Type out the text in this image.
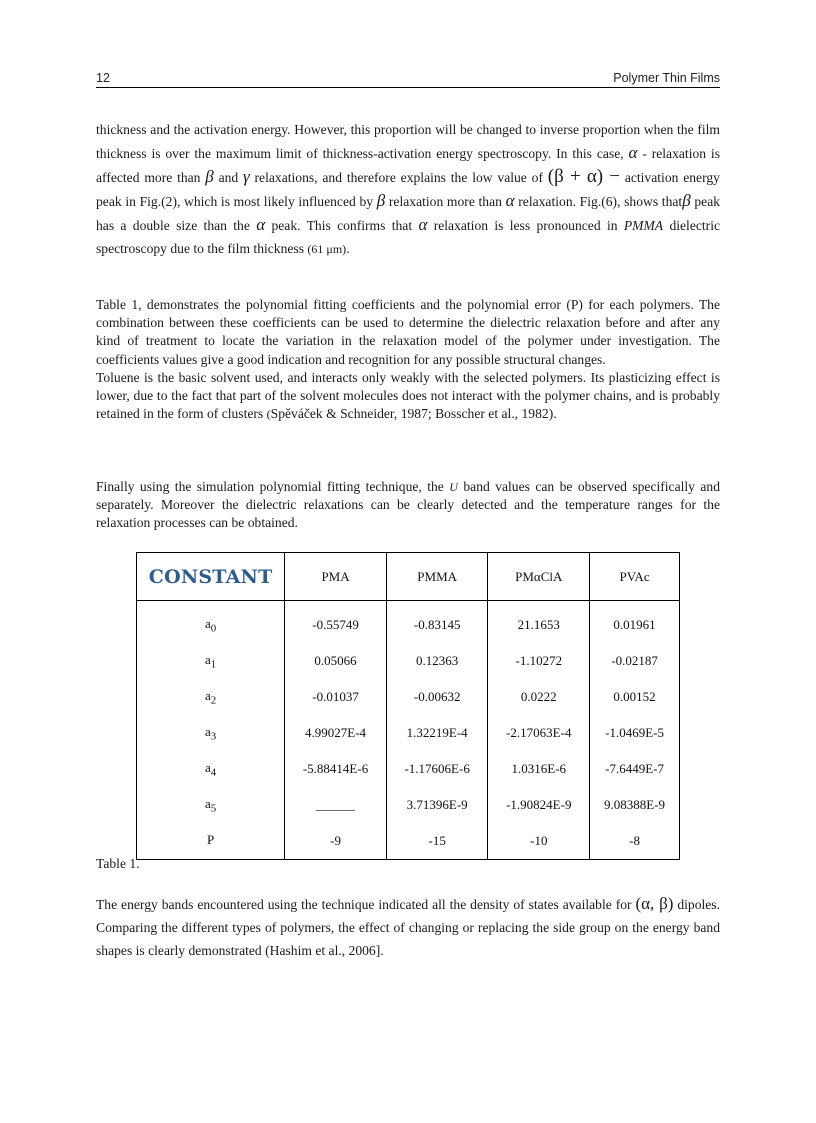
12	Polymer Thin Films

thickness and the activation energy. However, this proportion will be changed to inverse proportion when the film thickness is over the maximum limit of thickness-activation energy spectroscopy. In this case, α - relaxation is affected more than β and γ relaxations, and therefore explains the low value of (β + α) − activation energy peak in Fig.(2), which is most likely influenced by β relaxation more than α relaxation. Fig.(6), shows thatβ peak has a double size than the α peak. This confirms that α relaxation is less pronounced in PMMA dielectric spectroscopy due to the film thickness (61 μm).

Table 1, demonstrates the polynomial fitting coefficients and the polynomial error (P) for each polymers. The combination between these coefficients can be used to determine the dielectric relaxation before and after any kind of treatment to locate the variation in the relaxation model of the polymer under investigation. The coefficients values give a good indication and recognition for any possible structural changes.

Toluene is the basic solvent used, and interacts only weakly with the selected polymers. Its plasticizing effect is lower, due to the fact that part of the solvent molecules does not interact with the polymer chains, and is probably retained in the form of clusters (Spěváček & Schneider, 1987; Bosscher et al., 1982).

Finally using the simulation polynomial fitting technique, the U band values can be observed specifically and separately. Moreover the dielectric relaxations can be clearly detected and the temperature ranges for the relaxation processes can be obtained.

CONSTANT	PMA	PMMA	PMαClA	PVAc
$a_0$	-0.55749	-0.83145	21.1653	0.01961
$a_1$	0.05066	0.12363	-1.10272	-0.02187
$a_2$	-0.01037	-0.00632	0.0222	0.00152
$a_3$	4.99027E-4	1.32219E-4	-2.17063E-4	-1.0469E-5
$a_4$	-5.88414E-6	-1.17606E-6	1.0316E-6	-7.6449E-7
$a_5$	______	3.71396E-9	-1.90824E-9	9.08388E-9
P	-9	-15	-10	-8
Table 1.

The energy bands encountered using the technique indicated all the density of states available for (α, β) dipoles. Comparing the different types of polymers, the effect of changing or replacing the side group on the energy band shapes is clearly demonstrated (Hashim et al., 2006].
